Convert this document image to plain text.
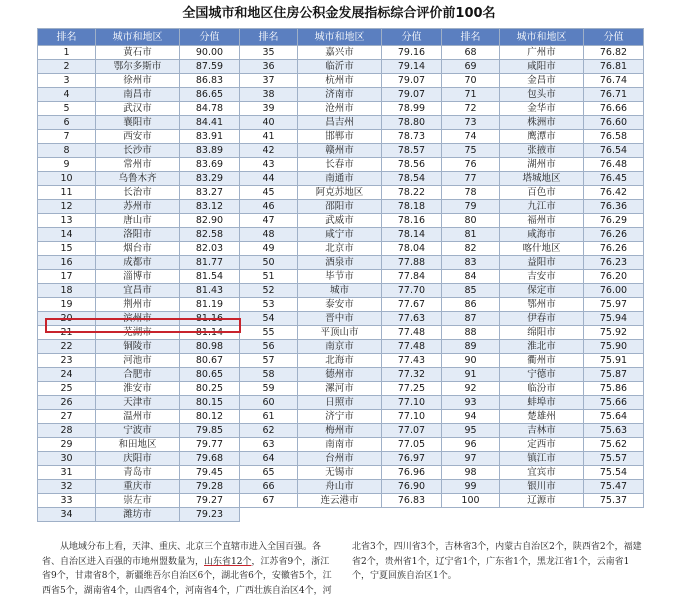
全国城市和地区住房公积金发展指标综合评价前100名
排名	城市和地区	分值	排名	城市和地区	分值	排名	城市和地区	分值
1	黄石市	90.00	35	嘉兴市	79.16	68	广州市	76.82
2	鄂尔多斯市	87.59	36	临沂市	79.14	69	咸阳市	76.81
3	徐州市	86.83	37	杭州市	79.07	70	金昌市	76.74
4	南昌市	86.65	38	济南市	79.07	71	包头市	76.71
5	武汉市	84.78	39	沧州市	78.99	72	金华市	76.66
6	襄阳市	84.41	40	昌吉州	78.80	73	株洲市	76.60
7	西安市	83.91	41	邯郸市	78.73	74	鹰潭市	76.58
8	长沙市	83.89	42	赣州市	78.57	75	张掖市	76.54
9	常州市	83.69	43	长春市	78.56	76	湖州市	76.48
10	乌鲁木齐	83.29	44	南通市	78.54	77	塔城地区	76.45
11	长治市	83.27	45	阿克苏地区	78.22	78	百色市	76.42
12	苏州市	83.12	46	邵阳市	78.18	79	九江市	76.36
13	唐山市	82.90	47	武威市	78.16	80	福州市	76.29
14	洛阳市	82.58	48	咸宁市	78.14	81	咸海市	76.26
15	烟台市	82.03	49	北京市	78.04	82	喀什地区	76.26
16	成都市	81.77	50	酒泉市	77.88	83	益阳市	76.23
17	淄博市	81.54	51	毕节市	77.84	84	吉安市	76.20
18	宜昌市	81.43	52	城市	77.70	85	保定市	76.00
19	荆州市	81.19	53	泰安市	77.67	86	鄂州市	75.97
20	滨州市	81.16	54	晋中市	77.63	87	伊春市	75.94
21	芜湖市	81.14	55	平顶山市	77.48	88	绵阳市	75.92
22	铜陵市	80.98	56	南京市	77.48	89	淮北市	75.90
23	河池市	80.67	57	北海市	77.43	90	衢州市	75.91
24	合肥市	80.65	58	德州市	77.32	91	宁德市	75.87
25	淮安市	80.25	59	漯河市	77.25	92	临汾市	75.86
26	天津市	80.15	60	日照市	77.10	93	蚌埠市	75.66
27	温州市	80.12	61	济宁市	77.10	94	楚雄州	75.64
28	宁波市	79.85	62	梅州市	77.07	95	吉林市	75.63
29	和田地区	79.77	63	南南市	77.05	96	定西市	75.62
30	庆阳市	79.68	64	台州市	76.97	97	镇江市	75.57
31	青岛市	79.45	65	无锡市	76.96	98	宜宾市	75.54
32	重庆市	79.28	66	舟山市	76.90	99	银川市	75.47
33	崇左市	79.27	67	连云港市	76.83	100	辽源市	75.37
34	潍坊市	79.23						
从地域分布上看，天津、重庆、北京三个直辖市进入全国百强。各省、自治区进入百强的市地州盟数量为，山东省12个，江苏省9个，浙江省9个，甘肃省8个，新疆维吾尔自治区6个，湖北省6个，安徽省5个，江西省5个，湖南省4个，山西省4个，河南省4个，广西壮族自治区4个，河
北省3个，四川省3个，吉林省3个，内蒙古自治区2个，陕西省2个，福建省2个，贵州省1个，辽宁省1个，广东省1个，黑龙江省1个，云南省1个，宁夏回族自治区1个。
